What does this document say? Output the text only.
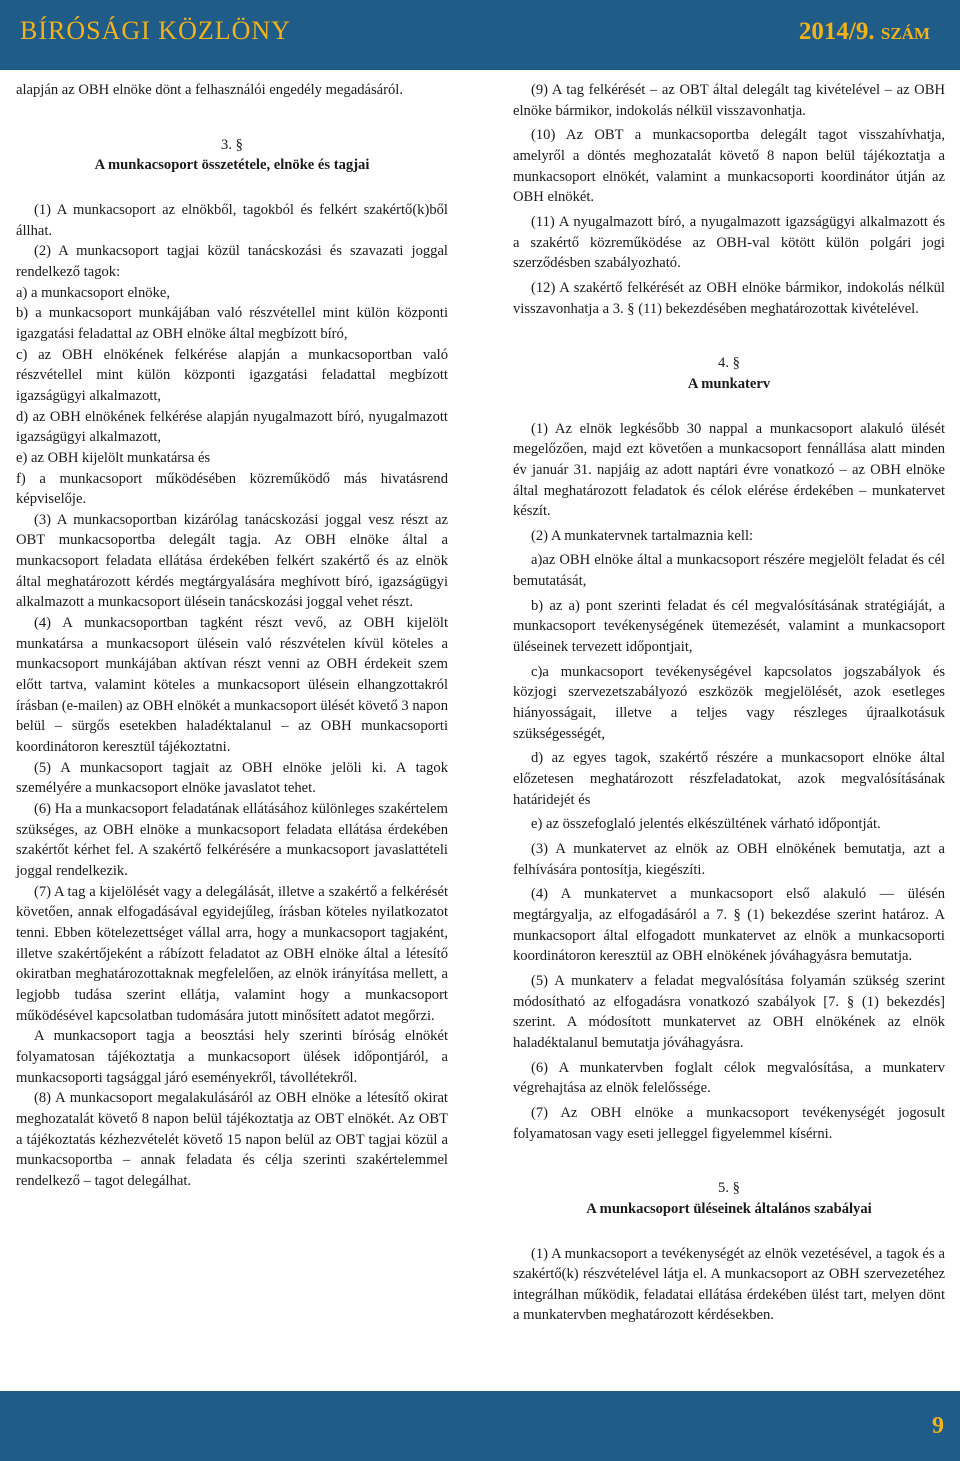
BÍRÓSÁGI KÖZLÖNY	2014/9. SZÁM

alapján az OBH elnöke dönt a felhasználói engedély megadásáról.

3. §

A munkacsoport összetétele, elnöke és tagjai

(1) A munkacsoport az elnökből, tagokból és felkért szakértő(k)ből állhat.

(2) A munkacsoport tagjai közül tanácskozási és szavazati joggal rendelkező tagok:

a) a munkacsoport elnöke,

b) a munkacsoport munkájában való részvétellel mint külön központi igazgatási feladattal az OBH elnöke által megbízott bíró,

c) az OBH elnökének felkérése alapján a munkacsoportban való részvétellel mint külön központi igazgatási feladattal megbízott igazságügyi alkalmazott,

d) az OBH elnökének felkérése alapján nyugalmazott bíró, nyugalmazott igazságügyi alkalmazott,

e) az OBH kijelölt munkatársa és

f) a munkacsoport működésében közreműködő más hivatásrend képviselője.

(3) A munkacsoportban kizárólag tanácskozási joggal vesz részt az OBT munkacsoportba delegált tagja. Az OBH elnöke által a munkacsoport feladata ellátása érdekében felkért szakértő és az elnök által meghatározott kérdés megtárgyalására meghívott bíró, igazságügyi alkalmazott a munkacsoport ülésein tanácskozási joggal vehet részt.

(4) A munkacsoportban tagként részt vevő, az OBH kijelölt munkatársa a munkacsoport ülésein való részvételen kívül köteles a munkacsoport munkájában aktívan részt venni az OBH érdekeit szem előtt tartva, valamint köteles a munkacsoport ülésein elhangzottakról írásban (e-mailen) az OBH elnökét a munkacsoport ülését követő 3 napon belül – sürgős esetekben haladéktalanul – az OBH munkacsoporti koordinátoron keresztül tájékoztatni.

(5) A munkacsoport tagjait az OBH elnöke jelöli ki. A tagok személyére a munkacsoport elnöke javaslatot tehet.

(6) Ha a munkacsoport feladatának ellátásához különleges szakértelem szükséges, az OBH elnöke a munkacsoport feladata ellátása érdekében szakértőt kérhet fel. A szakértő felkérésére a munkacsoport javaslattételi joggal rendelkezik.

(7) A tag a kijelölését vagy a delegálását, illetve a szakértő a felkérését követően, annak elfogadásával egyidejűleg, írásban köteles nyilatkozatot tenni. Ebben kötelezettséget vállal arra, hogy a munkacsoport tagjaként, illetve szakértőjeként a rábízott feladatot az OBH elnöke által a létesítő okiratban meghatározottaknak megfelelően, az elnök irányítása mellett, a legjobb tudása szerint ellátja, valamint hogy a munkacsoport működésével kapcsolatban tudomására jutott minősített adatot megőrzi.

A munkacsoport tagja a beosztási hely szerinti bíróság elnökét folyamatosan tájékoztatja a munkacsoport ülések időpontjáról, a munkacsoporti tagsággal járó eseményekről, távollétekről.

(8) A munkacsoport megalakulásáról az OBH elnöke a létesítő okirat meghozatalát követő 8 napon belül tájékoztatja az OBT elnökét. Az OBT a tájékoztatás kézhezvételét követő 15 napon belül az OBT tagjai közül a munkacsoportba – annak feladata és célja szerinti szakértelemmel rendelkező – tagot delegálhat.

(9) A tag felkérését – az OBT által delegált tag kivételével – az OBH elnöke bármikor, indokolás nélkül visszavonhatja.

(10) Az OBT a munkacsoportba delegált tagot visszahívhatja, amelyről a döntés meghozatalát követő 8 napon belül tájékoztatja a munkacsoport elnökét, valamint a munkacsoporti koordinátor útján az OBH elnökét.

(11) A nyugalmazott bíró, a nyugalmazott igazságügyi alkalmazott és a szakértő közreműködése az OBH-val kötött külön polgári jogi szerződésben szabályozható.

(12) A szakértő felkérését az OBH elnöke bármikor, indokolás nélkül visszavonhatja a 3. § (11) bekezdésében meghatározottak kivételével.

4. §

A munkaterv

(1) Az elnök legkésőbb 30 nappal a munkacsoport alakuló ülését megelőzően, majd ezt követően a munkacsoport fennállása alatt minden év január 31. napjáig az adott naptári évre vonatkozó – az OBH elnöke által meghatározott feladatok és célok elérése érdekében – munkatervet készít.

(2) A munkatervnek tartalmaznia kell:

a)az OBH elnöke által a munkacsoport részére megjelölt feladat és cél bemutatását,

b) az a) pont szerinti feladat és cél megvalósításának stratégiáját, a munkacsoport tevékenységének ütemezését, valamint a munkacsoport üléseinek tervezett időpontjait,

c)a munkacsoport tevékenységével kapcsolatos jogszabályok és közjogi szervezetszabályozó eszközök megjelölését, azok esetleges hiányosságait, illetve a teljes vagy részleges újraalkotásuk szükségességét,

d) az egyes tagok, szakértő részére a munkacsoport elnöke által előzetesen meghatározott részfeladatokat, azok megvalósításának határidejét és

e) az összefoglaló jelentés elkészültének várható időpontját.

(3) A munkatervet az elnök az OBH elnökének bemutatja, azt a felhívására pontosítja, kiegészíti.

(4) A munkatervet a munkacsoport első alakuló — ülésén megtárgyalja, az elfogadásáról a 7. § (1) bekezdése szerint határoz. A munkacsoport által elfogadott munkatervet az elnök a munkacsoporti koordinátoron keresztül az OBH elnökének jóváhagyásra bemutatja.

(5) A munkaterv a feladat megvalósítása folyamán szükség szerint módosítható az elfogadásra vonatkozó szabályok [7. § (1) bekezdés] szerint. A módosított munkatervet az OBH elnökének az elnök haladéktalanul bemutatja jóváhagyásra.

(6) A munkatervben foglalt célok megvalósítása, a munkaterv végrehajtása az elnök felelőssége.

(7) Az OBH elnöke a munkacsoport tevékenységét jogosult folyamatosan vagy eseti jelleggel figyelemmel kísérni.

5. §

A munkacsoport üléseinek általános szabályai

(1) A munkacsoport a tevékenységét az elnök vezetésével, a tagok és a szakértő(k) részvételével látja el. A munkacsoport az OBH szervezetéhez integrálhan működik, feladatai ellátása érdekében ülést tart, melyen dönt a munkatervben meghatározott kérdésekben.

9
